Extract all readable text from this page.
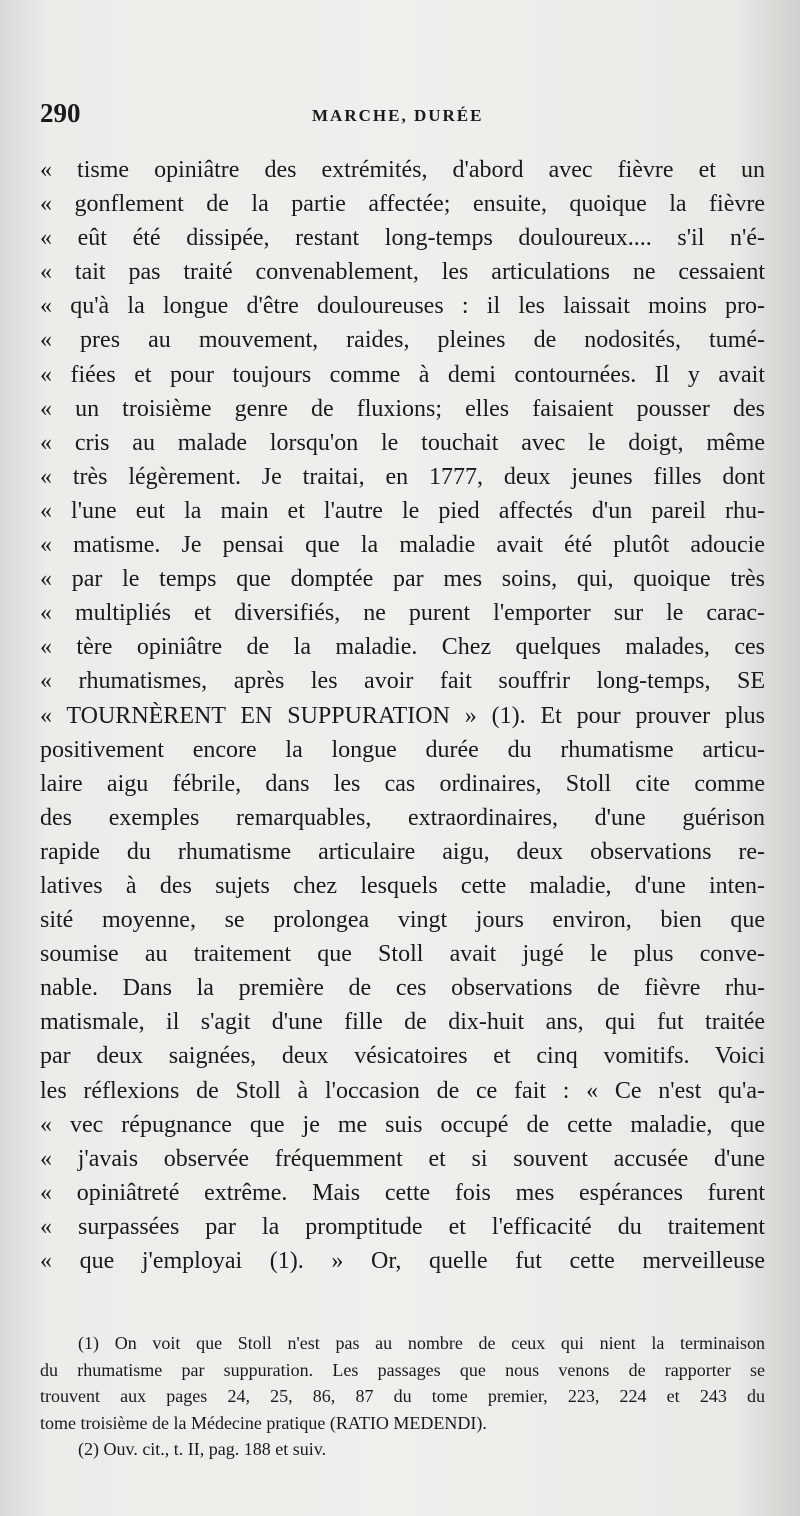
290	MARCHE, DURÉE
« tisme opiniâtre des extrémités, d'abord avec fièvre et un
« gonflement de la partie affectée; ensuite, quoique la fièvre
« eût été dissipée, restant long-temps douloureux.... s'il n'é-
« tait pas traité convenablement, les articulations ne cessaient
« qu'à la longue d'être douloureuses : il les laissait moins pro-
« pres au mouvement, raides, pleines de nodosités, tumé-
« fiées et pour toujours comme à demi contournées. Il y avait
« un troisième genre de fluxions; elles faisaient pousser des
« cris au malade lorsqu'on le touchait avec le doigt, même
« très légèrement. Je traitai, en 1777, deux jeunes filles dont
« l'une eut la main et l'autre le pied affectés d'un pareil rhu-
« matisme. Je pensai que la maladie avait été plutôt adoucie
« par le temps que domptée par mes soins, qui, quoique très
« multipliés et diversifiés, ne purent l'emporter sur le carac-
« tère opiniâtre de la maladie. Chez quelques malades, ces
« rhumatismes, après les avoir fait souffrir long-temps, SE
« TOURNÈRENT EN SUPPURATION » (1). Et pour prouver plus
positivement encore la longue durée du rhumatisme articu-
laire aigu fébrile, dans les cas ordinaires, Stoll cite comme
des exemples remarquables, extraordinaires, d'une guérison
rapide du rhumatisme articulaire aigu, deux observations re-
latives à des sujets chez lesquels cette maladie, d'une inten-
sité moyenne, se prolongea vingt jours environ, bien que
soumise au traitement que Stoll avait jugé le plus conve-
nable. Dans la première de ces observations de fièvre rhu-
matismale, il s'agit d'une fille de dix-huit ans, qui fut traitée
par deux saignées, deux vésicatoires et cinq vomitifs. Voici
les réflexions de Stoll à l'occasion de ce fait : « Ce n'est qu'a-
« vec répugnance que je me suis occupé de cette maladie, que
« j'avais observée fréquemment et si souvent accusée d'une
« opiniâtreté extrême. Mais cette fois mes espérances furent
« surpassées par la promptitude et l'efficacité du traitement
« que j'employai (1). » Or, quelle fut cette merveilleuse
(1) On voit que Stoll n'est pas au nombre de ceux qui nient la terminaison
du rhumatisme par suppuration. Les passages que nous venons de rapporter se
trouvent aux pages 24, 25, 86, 87 du tome premier, 223, 224 et 243 du
tome troisième de la Médecine pratique (RATIO MEDENDI).
(2) Ouv. cit., t. II, pag. 188 et suiv.
